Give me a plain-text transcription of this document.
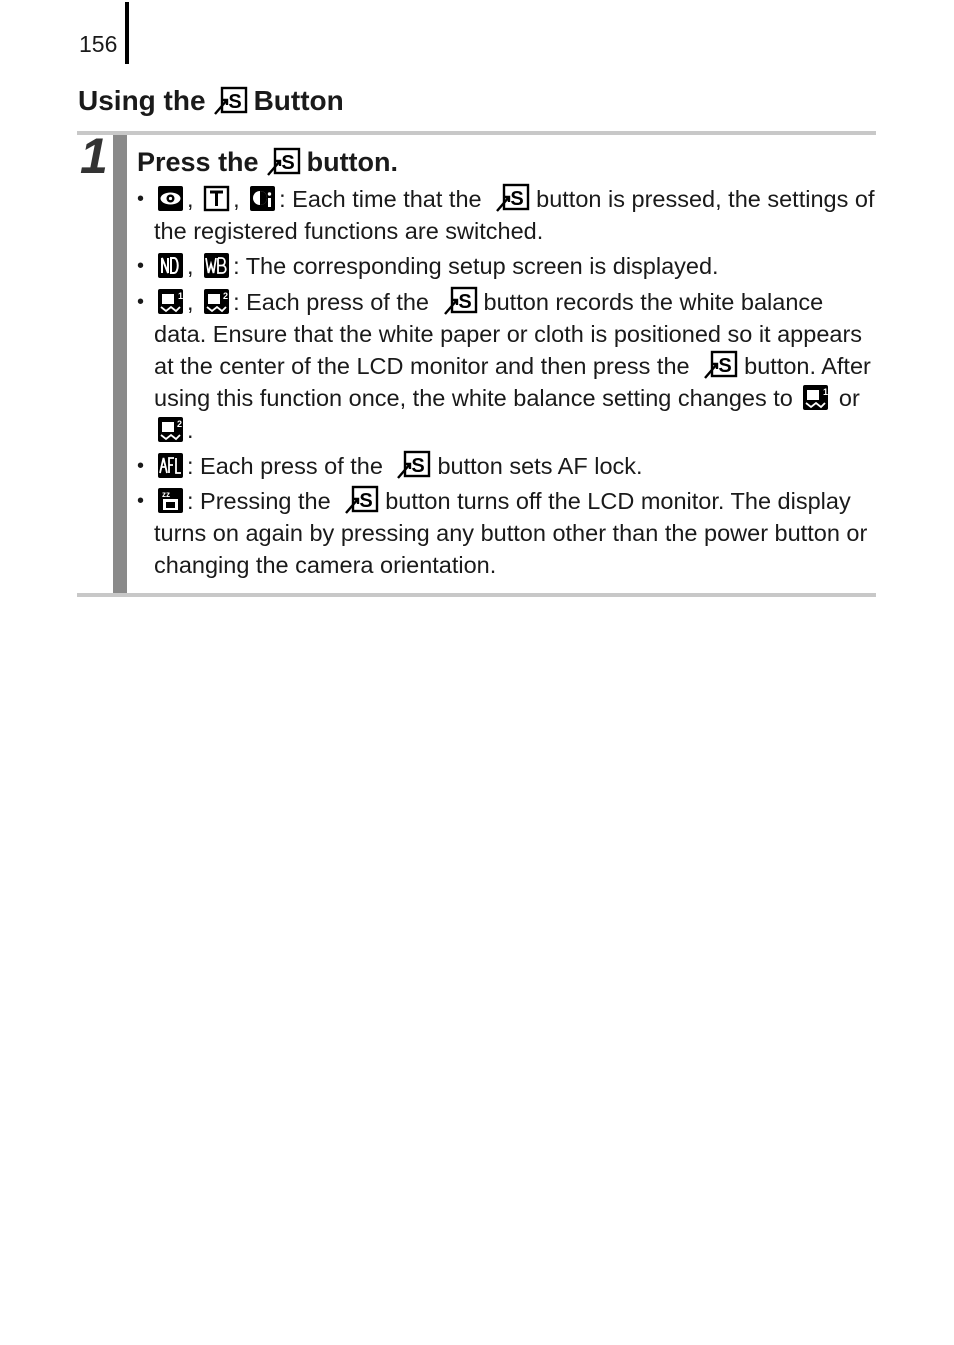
156
Using the S Button
1 Press the S button.
• , , : Each time that the S button is pressed, the settings of the registered functions are switched.
• , : The corresponding setup screen is displayed.
• 1 ,	2 : Each press of the S button records the white balance data. Ensure that the white paper or cloth is positioned so it appears at the center of the LCD monitor and then press the S button. After using this function once, the white balance setting changes to	1 or
2 .
• : Each press of the S button sets AF lock.
• zz : Pressing the S button turns off the LCD monitor. The display turns on again by pressing any button other than the power button or changing the camera orientation.
